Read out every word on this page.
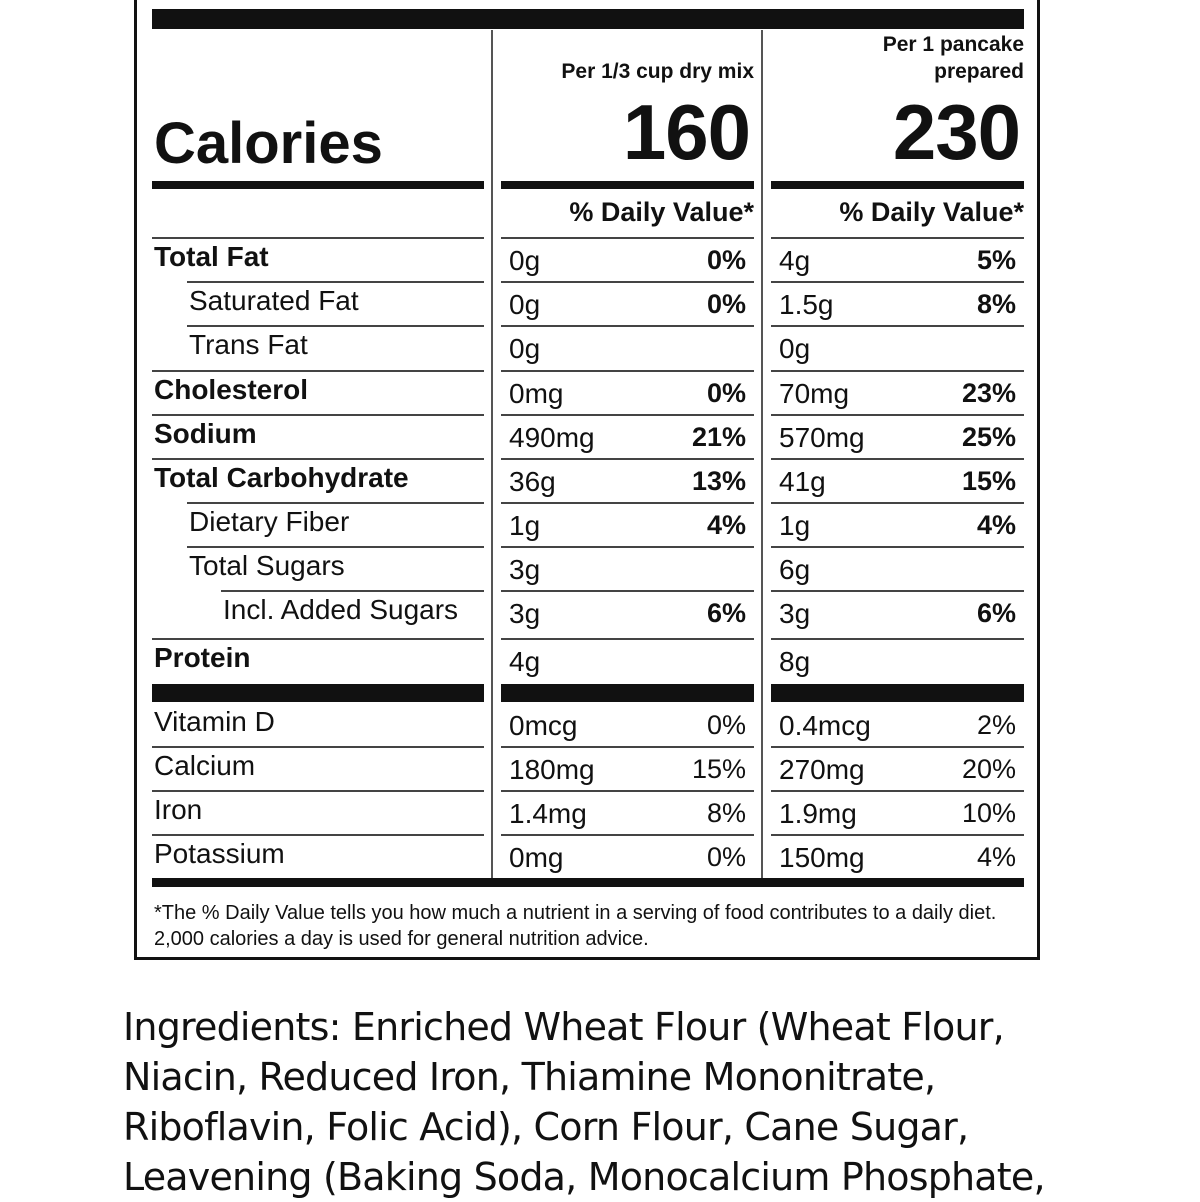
Per 1/3 cup dry mix
Per 1 pancake
prepared
Calories	160	230
% Daily Value*	% Daily Value*
Total Fat	0g	0% 4g	5%
Saturated Fat	0g	0% 1.5g	8%
Trans Fat	0g	0g
Cholesterol	0mg	0% 70mg	23%
Sodium	490mg	21% 570mg	25%
Total Carbohydrate	36g	13% 41g	15%
Dietary Fiber	1g	4% 1g	4%
Total Sugars	3g	6g
Incl. Added Sugars 3g	6% 3g	6%
Protein	4g	8g
Vitamin D	0mcg	0% 0.4mcg	2%
Calcium	180mg	15% 270mg	20%
Iron	1.4mg	8% 1.9mg	10%
Potassium	0mg	0% 150mg	4%
*The % Daily Value tells you how much a nutrient in a serving of food contributes to a daily diet. 2,000 calories a day is used for general nutrition advice.
Ingredients: Enriched Wheat Flour (Wheat Flour, Niacin, Reduced Iron, Thiamine Mononitrate, Riboflavin, Folic Acid), Corn Flour, Cane Sugar, Leavening (Baking Soda, Monocalcium Phosphate,
